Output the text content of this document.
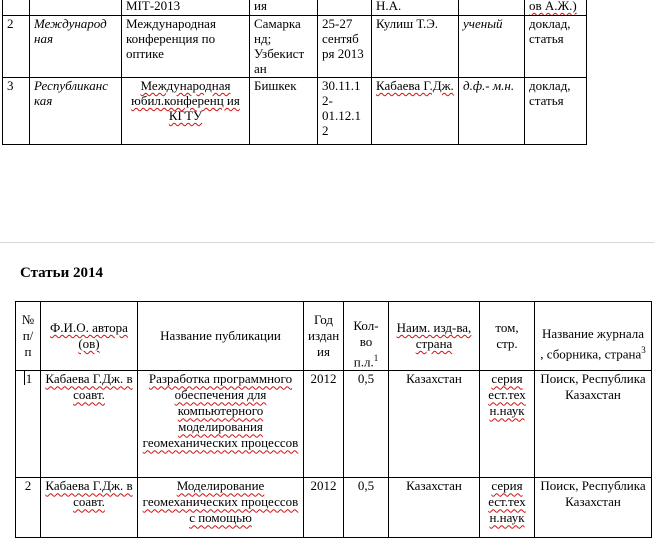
		МІТ-2013	ия		Н.А.		ов А.Ж.)	
2	Международ ная	Международная конференция по оптике	Самарка нд; Узбекист ан	25-27 сентяб ря 2013	Кулиш Т.Э.	ученый	доклад, статья	
3	Республиканс кая	Международная юбил.конференц ия КГТУ	Бишкек	30.11.1 2- 01.12.1 2	Кабаева Г.Дж.	д.ф.- м.н.	доклад, статья	
Статьи 2014
№ п/ п	Ф.И.О. автора (ов)	Название публикации	Год издан ия	Кол- во п.л.$^1$	Наим. изд-ва, страна	том, стр.	Название журнала , сборника, страна$^3$

1	Кабаева Г.Дж. в соавт.	Разработка программного обеспечения для компьютерного моделирования геомеханических процессов	2012	0,5	Казахстан	серия ест.тех н.наук	Поиск, Республика Казахстан
2	Кабаева Г.Дж. в соавт.	Моделирование геомеханических процессов с помощью	2012	0,5	Казахстан	серия ест.тех н.наук	Поиск, Республика Казахстан
